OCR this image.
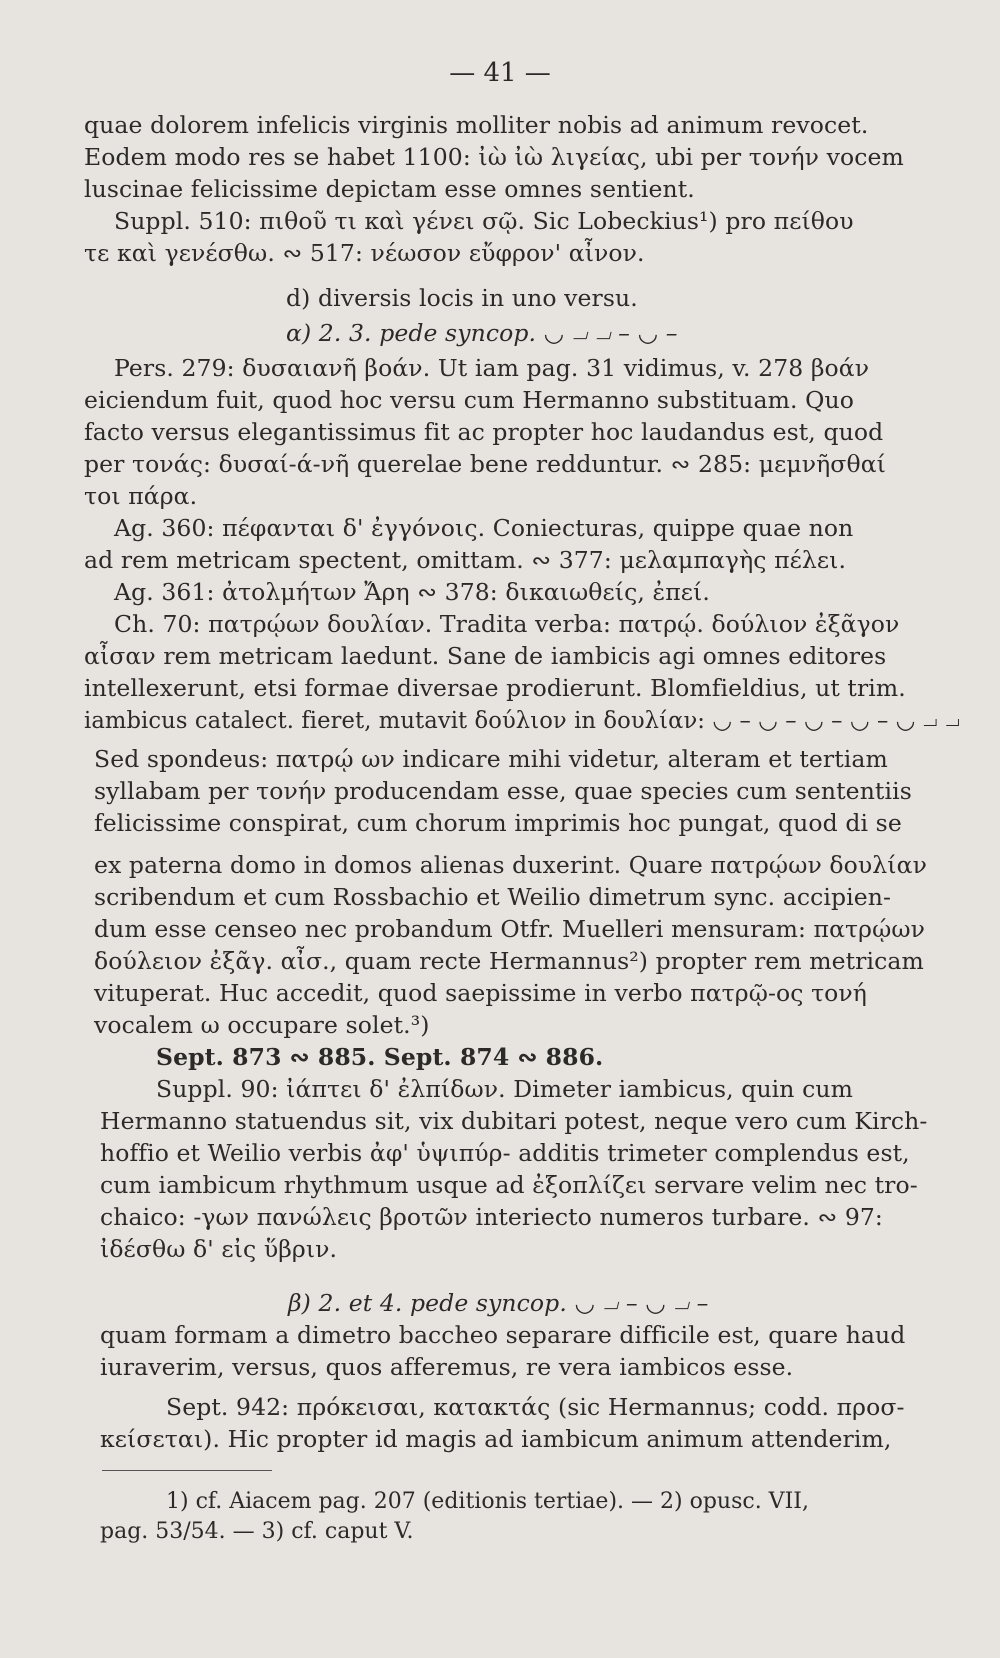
— 41 —
quae dolorem infelicis virginis molliter nobis ad animum revocet.
Eodem modo res se habet 1100: ἰὼ ἰὼ λιγείας, ubi per τονήν vocem
luscinae felicissime depictam esse omnes sentient.
Suppl. 510: πιθοῦ τι καὶ γένει σῷ. Sic Lobeckius¹) pro πείθου
τε καὶ γενέσθω. ∾ 517: νέωσον εὔφρον' αἶνον.
d) diversis locis in uno versu.
α) 2. 3. pede syncop. ◡ ⏗ ⏗ – ◡ –
Pers. 279: δυσαιανῆ βοάν. Ut iam pag. 31 vidimus, v. 278 βοάν
eiciendum fuit, quod hoc versu cum Hermanno substituam. Quo
facto versus elegantissimus fit ac propter hoc laudandus est, quod
per τονάς: δυσαί-ά-νῆ querelae bene redduntur. ∾ 285: μεμνῆσθαί
τοι πάρα.
Ag. 360: πέφανται δ' ἐγγόνοις. Coniecturas, quippe quae non
ad rem metricam spectent, omittam. ∾ 377: μελαμπαγὴς πέλει.
Ag. 361: ἀτολμήτων Ἄρη ∾ 378: δικαιωθείς, ἐπεί.
Ch. 70: πατρῴων δουλίαν. Tradita verba: πατρῴ. δούλιον ἐξᾶγον
αἶσαν rem metricam laedunt. Sane de iambicis agi omnes editores
intellexerunt, etsi formae diversae prodierunt. Blomfieldius, ut trim.
iambicus catalect. fieret, mutavit δούλιον in δουλίαν: ◡ – ◡ – ◡ – ◡ – ◡ ⏗ ⏗
Sed spondeus: πατρῴ ων indicare mihi videtur, alteram et tertiam
syllabam per τονήν producendam esse, quae species cum sententiis
felicissime conspirat, cum chorum imprimis hoc pungat, quod di se
ex paterna domo in domos alienas duxerint. Quare πατρῴων δουλίαν
scribendum et cum Rossbachio et Weilio dimetrum sync. accipien-
dum esse censeo nec probandum Otfr. Muelleri mensuram: πατρῴων
δούλειον ἐξᾶγ. αἶσ., quam recte Hermannus²) propter rem metricam
vituperat. Huc accedit, quod saepissime in verbo πατρῷ-ος τονή
vocalem ω occupare solet.³)
Sept. 873 ∾ 885. Sept. 874 ∾ 886.
Suppl. 90: ἰάπτει δ' ἐλπίδων. Dimeter iambicus, quin cum
Hermanno statuendus sit, vix dubitari potest, neque vero cum Kirch-
hoffio et Weilio verbis ἀφ' ὑψιπύρ- additis trimeter complendus est,
cum iambicum rhythmum usque ad ἐξοπλίζει servare velim nec tro-
chaico: -γων πανώλεις βροτῶν interiecto numeros turbare. ∾ 97:
ἰδέσθω δ' εἰς ὕβριν.
β) 2. et 4. pede syncop. ◡ ⏗ – ◡ ⏗ –
quam formam a dimetro baccheo separare difficile est, quare haud
iuraverim, versus, quos afferemus, re vera iambicos esse.
Sept. 942: πρόκεισαι, κατακτάς (sic Hermannus; codd. προσ-
κείσεται). Hic propter id magis ad iambicum animum attenderim,
1) cf. Aiacem pag. 207 (editionis tertiae). — 2) opusc. VII,
pag. 53/54. — 3) cf. caput V.
